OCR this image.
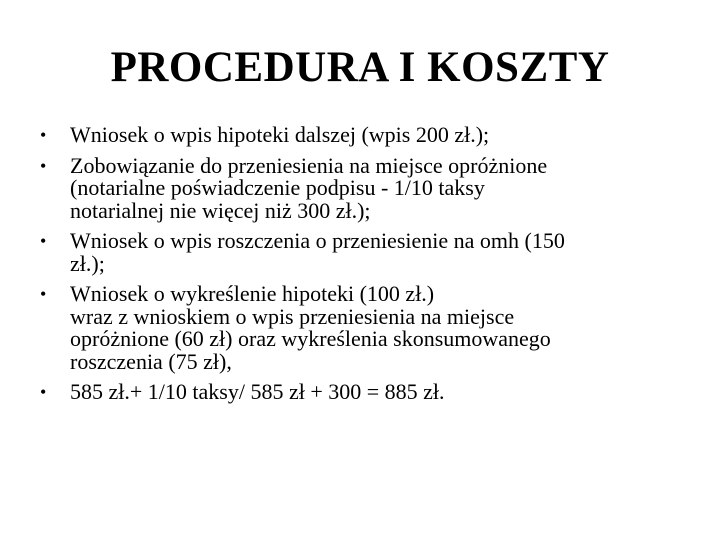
PROCEDURA I KOSZTY
•	Wniosek o wpis hipoteki dalszej (wpis 200 zł.);
•	Zobowiązanie do przeniesienia na miejsce opróżnione
(notarialne poświadczenie podpisu - 1/10 taksy
notarialnej nie więcej niż 300 zł.);
•	Wniosek o wpis roszczenia o przeniesienie na omh (150
zł.);
•	Wniosek o wykreślenie hipoteki (100 zł.)
wraz z wnioskiem o wpis przeniesienia na miejsce
opróżnione (60 zł) oraz wykreślenia skonsumowanego
roszczenia (75 zł),
•	585 zł.+ 1/10 taksy/ 585 zł + 300 = 885 zł.
